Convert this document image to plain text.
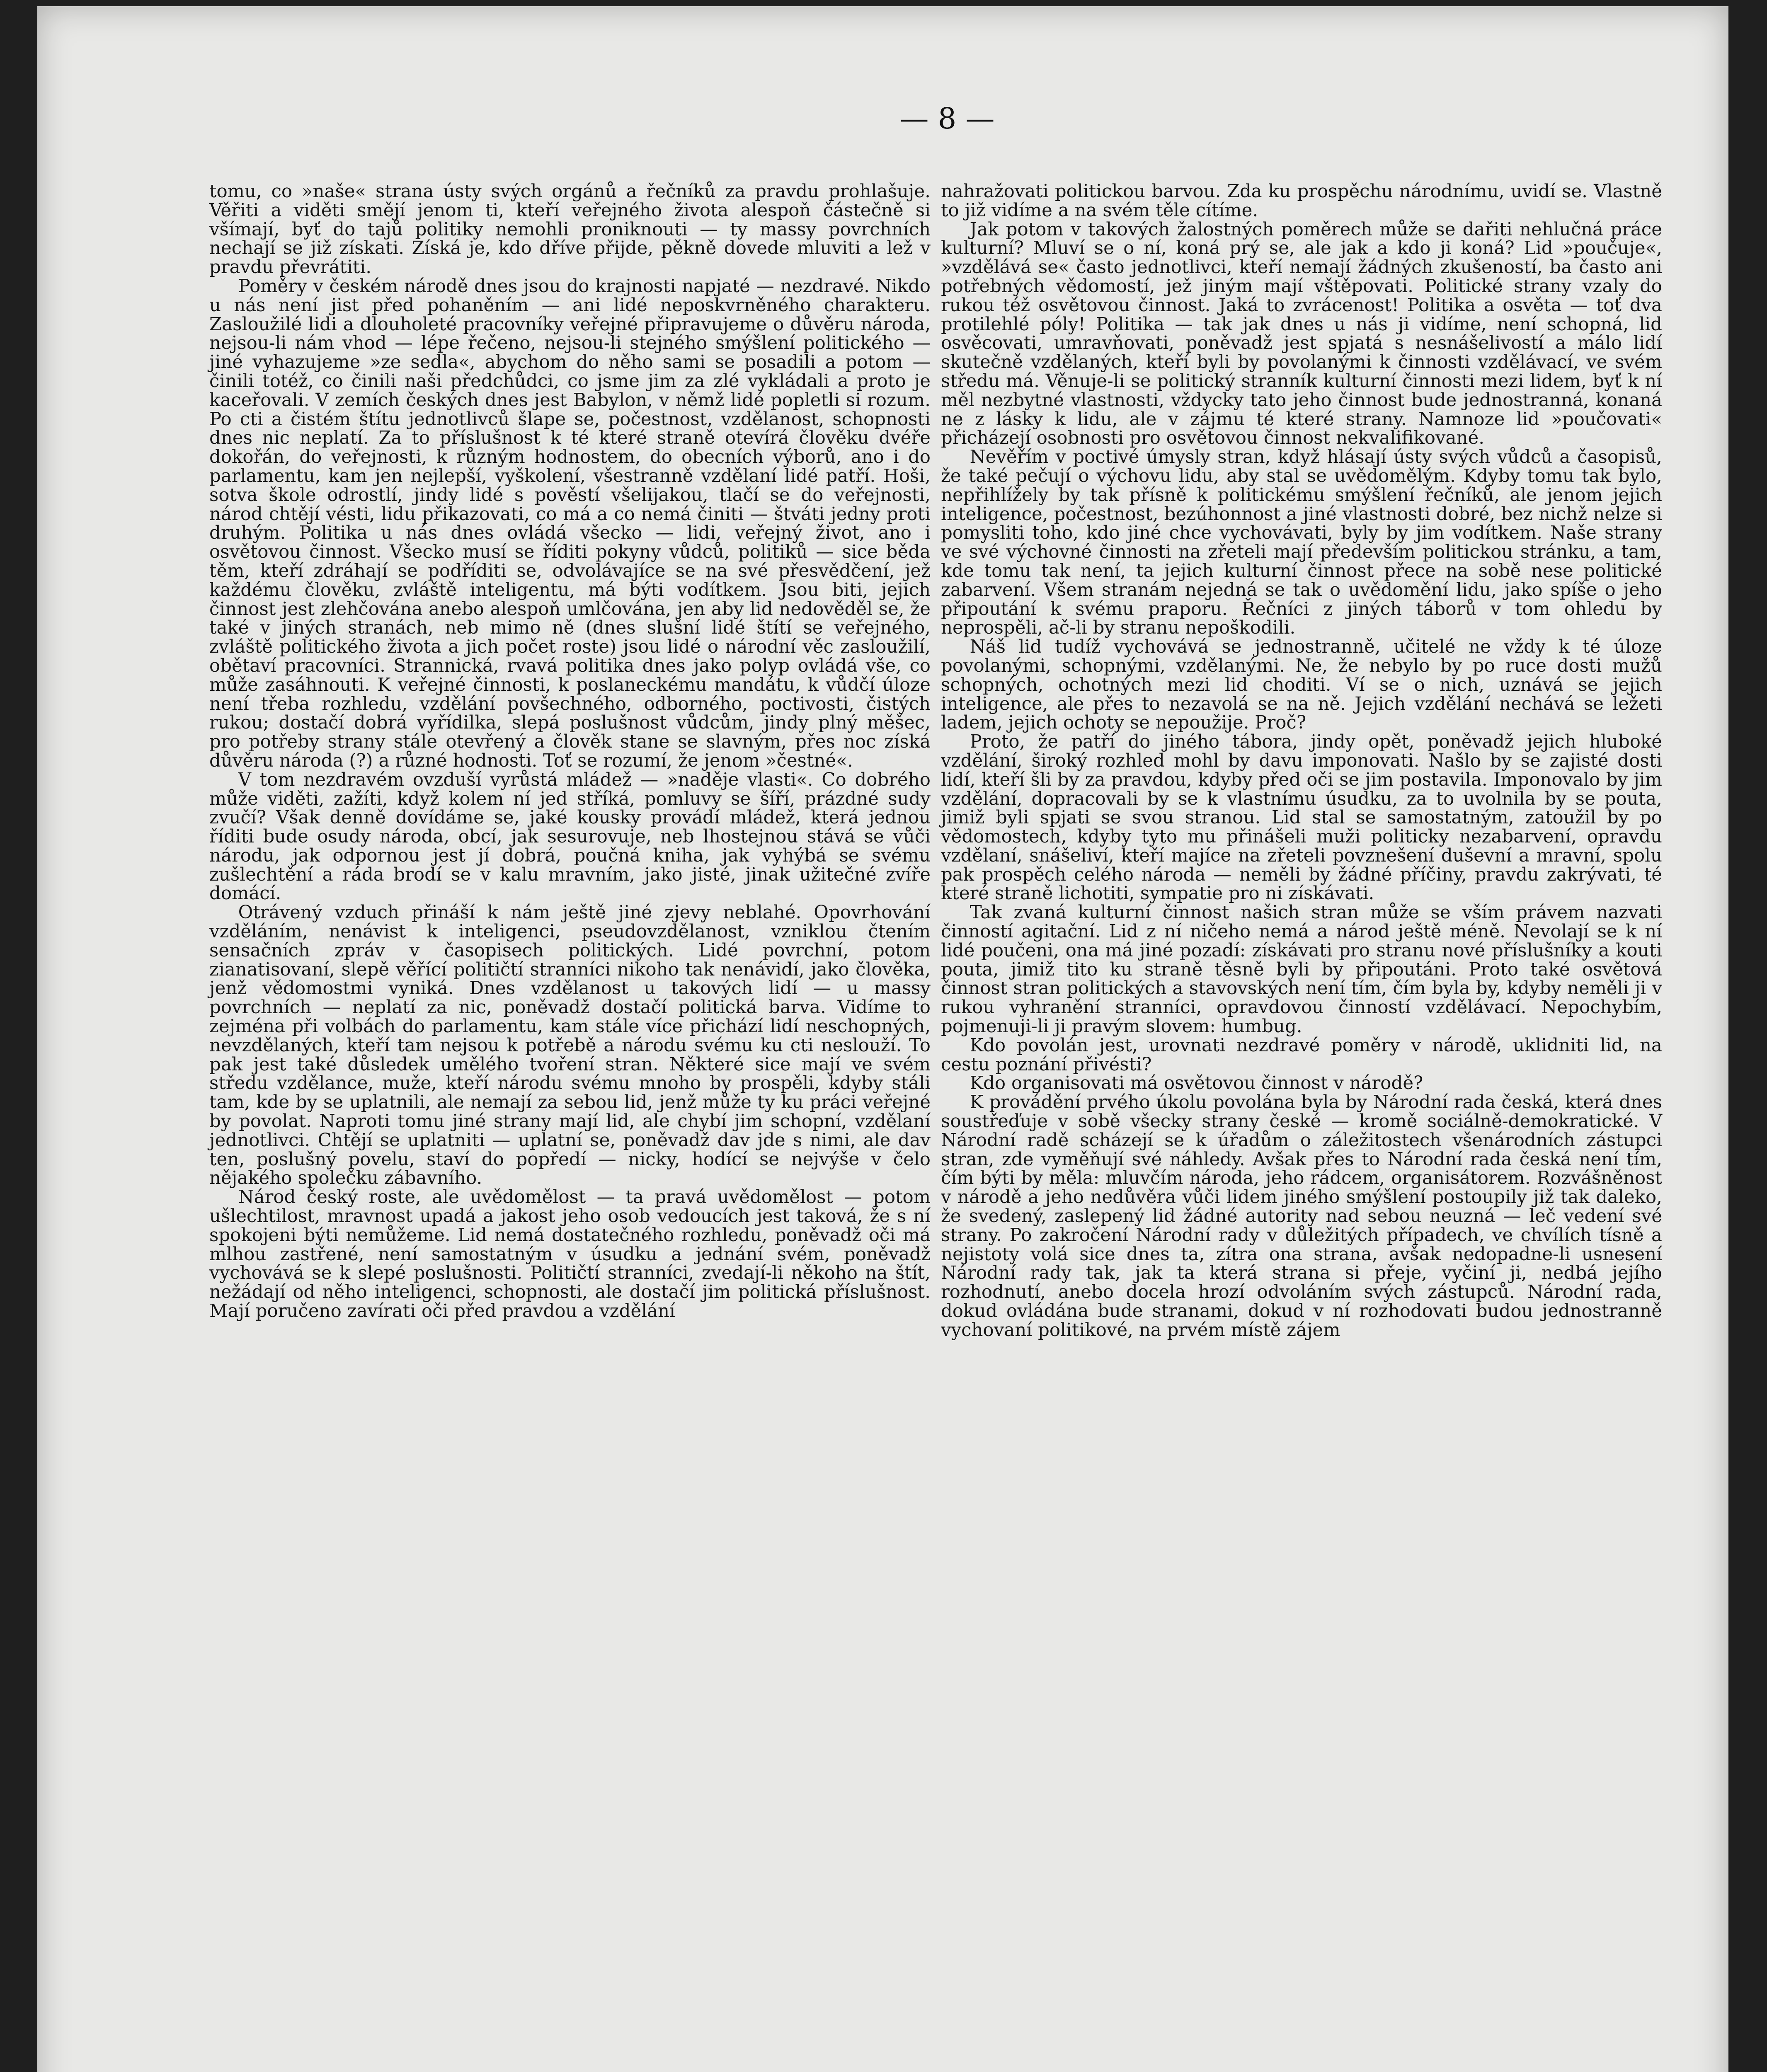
— 8 —

tomu, co »naše« strana ústy svých orgánů a řečníků za pravdu prohlašuje. Věřiti a viděti smějí jenom ti, kteří veřejného života alespoň částečně si všímají, byť do tajů politiky nemohli proniknouti — ty massy povrchních nechají se již získati. Získá je, kdo dříve přijde, pěkně dovede mluviti a lež v pravdu převrátiti.

Poměry v českém národě dnes jsou do krajnosti napjaté — nezdravé. Nikdo u nás není jist před pohaněním — ani lidé neposkvrněného charakteru. Zasloužilé lidi a dlouholeté pracovníky veřejné připravujeme o důvěru národa, nejsou-li nám vhod — lépe řečeno, nejsou-li stejného smýšlení politického — jiné vyhazujeme »ze sedla«, abychom do něho sami se posadili a potom — činili totéž, co činili naši předchůdci, co jsme jim za zlé vykládali a proto je kaceřovali. V zemích českých dnes jest Babylon, v němž lidé popletli si rozum. Po cti a čistém štítu jednotlivců šlape se, počestnost, vzdělanost, schopnosti dnes nic neplatí. Za to příslušnost k té které straně otevírá člověku dvéře dokořán, do veřejnosti, k různým hodnostem, do obecních výborů, ano i do parlamentu, kam jen nejlepší, vyškolení, všestranně vzdělaní lidé patří. Hoši, sotva škole odrostlí, jindy lidé s pověstí všelijakou, tlačí se do veřejnosti, národ chtějí vésti, lidu přikazovati, co má a co nemá činiti — štváti jedny proti druhým. Politika u nás dnes ovládá všecko — lidi, veřejný život, ano i osvětovou činnost. Všecko musí se říditi pokyny vůdců, politiků — sice běda těm, kteří zdráhají se podříditi se, odvolávajíce se na své přesvědčení, jež každému člověku, zvláště inteligentu, má býti vodítkem. Jsou biti, jejich činnost jest zlehčována anebo alespoň umlčována, jen aby lid nedověděl se, že také v jiných stranách, neb mimo ně (dnes slušní lidé štítí se veřejného, zvláště politického života a jich počet roste) jsou lidé o národní věc zasloužilí, obětaví pracovníci. Strannická, rvavá politika dnes jako polyp ovládá vše, co může zasáhnouti. K veřejné činnosti, k poslaneckému mandátu, k vůdčí úloze není třeba rozhledu, vzdělání povšechného, odborného, poctivosti, čistých rukou; dostačí dobrá vyřídilka, slepá poslušnost vůdcům, jindy plný měšec, pro potřeby strany stále otevřený a člověk stane se slavným, přes noc získá důvěru národa (?) a různé hodnosti. Toť se rozumí, že jenom »čestné«.

V tom nezdravém ovzduší vyrůstá mládež — »naděje vlasti«. Co dobrého může viděti, zažíti, když kolem ní jed stříká, pomluvy se šíří, prázdné sudy zvučí? Však denně dovídáme se, jaké kousky provádí mládež, která jednou říditi bude osudy národa, obcí, jak sesurovuje, neb lhostejnou stává se vůči národu, jak odpornou jest jí dobrá, poučná kniha, jak vyhýbá se svému zušlechtění a ráda brodí se v kalu mravním, jako jisté, jinak užitečné zvíře domácí.

Otrávený vzduch přináší k nám ještě jiné zjevy neblahé. Opovrhování vzděláním, nenávist k inteligenci, pseudovzdělanost, vzniklou čtením sensačních zpráv v časopisech politických. Lidé povrchní, potom zianatisovaní, slepě věřící političtí stranníci nikoho tak nenávidí, jako člověka, jenž vědomostmi vyniká. Dnes vzdělanost u takových lidí — u massy povrchních — neplatí za nic, poněvadž dostačí politická barva. Vidíme to zejména při volbách do parlamentu, kam stále více přichází lidí neschopných, nevzdělaných, kteří tam nejsou k potřebě a národu svému ku cti neslouží. To pak jest také důsledek umělého tvoření stran. Některé sice mají ve svém středu vzdělance, muže, kteří národu svému mnoho by prospěli, kdyby stáli tam, kde by se uplatnili, ale nemají za sebou lid, jenž může ty ku práci veřejné by povolat. Naproti tomu jiné strany mají lid, ale chybí jim schopní, vzdělaní jednotlivci. Chtějí se uplatniti — uplatní se, poněvadž dav jde s nimi, ale dav ten, poslušný povelu, staví do popředí — nicky, hodící se nejvýše v čelo nějakého společku zábavního.

Národ český roste, ale uvědomělost — ta pravá uvědomělost — potom ušlechtilost, mravnost upadá a jakost jeho osob vedoucích jest taková, že s ní spokojeni býti nemůžeme. Lid nemá dostatečného rozhledu, poněvadž oči má mlhou zastřené, není samostatným v úsudku a jednání svém, poněvadž vychovává se k slepé poslušnosti. Političtí stranníci, zvedají-li někoho na štít, nežádají od něho inteligenci, schopnosti, ale dostačí jim politická příslušnost. Mají poručeno zavírati oči před pravdou a vzdělání

nahražovati politickou barvou. Zda ku prospěchu národnímu, uvidí se. Vlastně to již vidíme a na svém těle cítíme.

Jak potom v takových žalostných poměrech může se dařiti nehlučná práce kulturní? Mluví se o ní, koná prý se, ale jak a kdo ji koná? Lid »poučuje«, »vzdělává se« často jednotlivci, kteří nemají žádných zkušeností, ba často ani potřebných vědomostí, jež jiným mají vštěpovati. Politické strany vzaly do rukou též osvětovou činnost. Jaká to zvrácenost! Politika a osvěta — toť dva protilehlé póly! Politika — tak jak dnes u nás ji vidíme, není schopná, lid osvěcovati, umravňovati, poněvadž jest spjatá s nesnášelivostí a málo lidí skutečně vzdělaných, kteří byli by povolanými k činnosti vzdělávací, ve svém středu má. Věnuje-li se politický stranník kulturní činnosti mezi lidem, byť k ní měl nezbytné vlastnosti, vždycky tato jeho činnost bude jednostranná, konaná ne z lásky k lidu, ale v zájmu té které strany. Namnoze lid »poučovati« přicházejí osobnosti pro osvětovou činnost nekvalifikované.

Nevěřím v poctivé úmysly stran, když hlásají ústy svých vůdců a časopisů, že také pečují o výchovu lidu, aby stal se uvědomělým. Kdyby tomu tak bylo, nepřihlížely by tak přísně k politickému smýšlení řečníků, ale jenom jejich inteligence, počestnost, bezúhonnost a jiné vlastnosti dobré, bez nichž nelze si pomysliti toho, kdo jiné chce vychovávati, byly by jim vodítkem. Naše strany ve své výchovné činnosti na zřeteli mají především politickou stránku, a tam, kde tomu tak není, ta jejich kulturní činnost přece na sobě nese politické zabarvení. Všem stranám nejedná se tak o uvědomění lidu, jako spíše o jeho připoutání k svému praporu. Řečníci z jiných táborů v tom ohledu by neprospěli, ač-li by stranu nepoškodili.

Náš lid tudíž vychovává se jednostranně, učitelé ne vždy k té úloze povolanými, schopnými, vzdělanými. Ne, že nebylo by po ruce dosti mužů schopných, ochotných mezi lid choditi. Ví se o nich, uznává se jejich inteligence, ale přes to nezavolá se na ně. Jejich vzdělání nechává se ležeti ladem, jejich ochoty se nepoužije. Proč?

Proto, že patří do jiného tábora, jindy opět, poněvadž jejich hluboké vzdělání, široký rozhled mohl by davu imponovati. Našlo by se zajisté dosti lidí, kteří šli by za pravdou, kdyby před oči se jim postavila. Imponovalo by jim vzdělání, dopracovali by se k vlastnímu úsudku, za to uvolnila by se pouta, jimiž byli spjati se svou stranou. Lid stal se samostatným, zatoužil by po vědomostech, kdyby tyto mu přinášeli muži politicky nezabarvení, opravdu vzdělaní, snášeliví, kteří majíce na zřeteli povznešení duševní a mravní, spolu pak prospěch celého národa — neměli by žádné příčiny, pravdu zakrývati, té které straně lichotiti, sympatie pro ni získávati.

Tak zvaná kulturní činnost našich stran může se vším právem nazvati činností agitační. Lid z ní ničeho nemá a národ ještě méně. Nevolají se k ní lidé poučeni, ona má jiné pozadí: získávati pro stranu nové příslušníky a kouti pouta, jimiž tito ku straně těsně byli by připoutáni. Proto také osvětová činnost stran politických a stavovských není tím, čím byla by, kdyby neměli ji v rukou vyhranění stranníci, opravdovou činností vzdělávací. Nepochybím, pojmenuji-li ji pravým slovem: humbug.

Kdo povolán jest, urovnati nezdravé poměry v národě, uklidniti lid, na cestu poznání přivésti?

Kdo organisovati má osvětovou činnost v národě?

K provádění prvého úkolu povolána byla by Národní rada česká, která dnes soustřeďuje v sobě všecky strany české — kromě sociálně-demokratické. V Národní radě scházejí se k úřadům o záležitostech všenárodních zástupci stran, zde vyměňují své náhledy. Avšak přes to Národní rada česká není tím, čím býti by měla: mluvčím národa, jeho rádcem, organisátorem. Rozvášněnost v národě a jeho nedůvěra vůči lidem jiného smýšlení postoupily již tak daleko, že svedený, zaslepený lid žádné autority nad sebou neuzná — leč vedení své strany. Po zakročení Národní rady v důležitých případech, ve chvílích tísně a nejistoty volá sice dnes ta, zítra ona strana, avšak nedopadne-li usnesení Národní rady tak, jak ta která strana si přeje, vyčiní ji, nedbá jejího rozhodnutí, anebo docela hrozí odvoláním svých zástupců. Národní rada, dokud ovládána bude stranami, dokud v ní rozhodovati budou jednostranně vychovaní politikové, na prvém místě zájem
